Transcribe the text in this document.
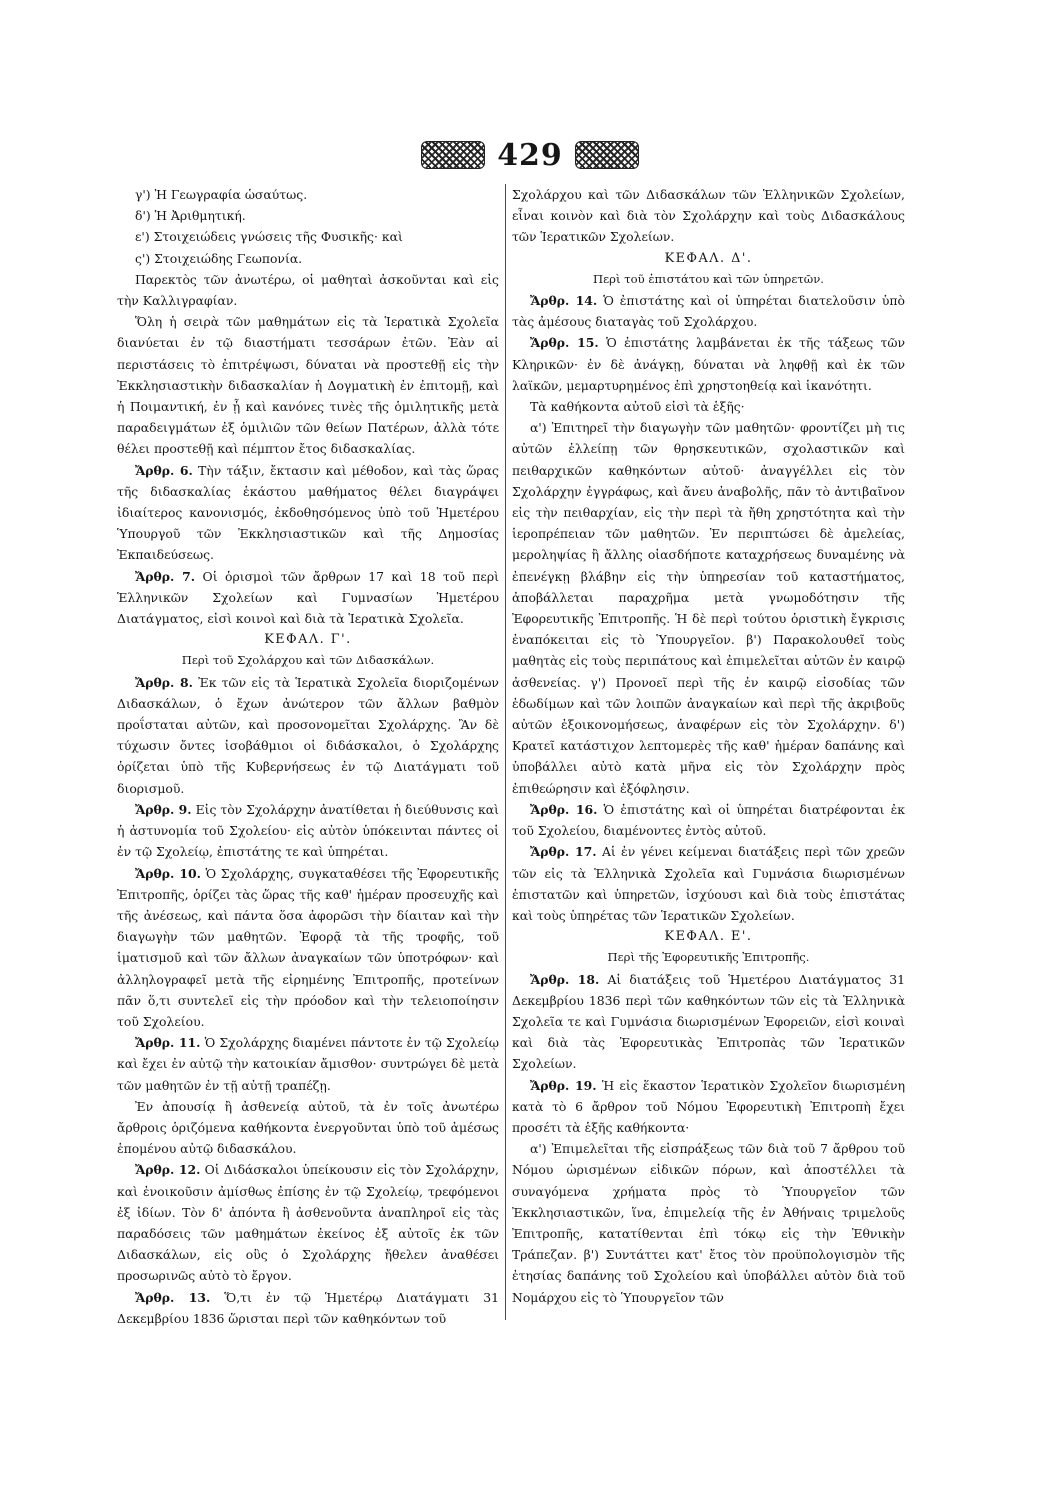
429

γ') Ἡ Γεωγραφία ὡσαύτως.

δ') Ἡ Ἀριθμητική.

ε') Στοιχειώδεις γνώσεις τῆς Φυσικῆς· καὶ

ς') Στοιχειώδης Γεωπονία.

Παρεκτὸς τῶν ἀνωτέρω, οἱ μαθηταὶ ἀσκοῦνται καὶ εἰς τὴν Καλλιγραφίαν.

Ὅλη ἡ σειρὰ τῶν μαθημάτων εἰς τὰ Ἱερατικὰ Σχολεῖα διανύεται ἐν τῷ διαστήματι τεσσάρων ἐτῶν. Ἐὰν αἱ περιστάσεις τὸ ἐπιτρέψωσι, δύναται νὰ προστεθῇ εἰς τὴν Ἐκκλησιαστικὴν διδασκαλίαν ἡ Δογματικὴ ἐν ἐπιτομῇ, καὶ ἡ Ποιμαντική, ἐν ᾗ καὶ κανόνες τινὲς τῆς ὁμιλητικῆς μετὰ παραδειγμάτων ἐξ ὁμιλιῶν τῶν θείων Πατέρων, ἀλλὰ τότε θέλει προστεθῇ καὶ πέμπτον ἔτος διδασκαλίας.

Ἄρθρ. 6. Τὴν τάξιν, ἔκτασιν καὶ μέθοδον, καὶ τὰς ὥρας τῆς διδασκαλίας ἑκάστου μαθήματος θέλει διαγράψει ἰδιαίτερος κανονισμός, ἐκδοθησόμενος ὑπὸ τοῦ Ἡμετέρου Ὑπουργοῦ τῶν Ἐκκλησιαστικῶν καὶ τῆς Δημοσίας Ἐκπαιδεύσεως.

Ἄρθρ. 7. Οἱ ὁρισμοὶ τῶν ἄρθρων 17 καὶ 18 τοῦ περὶ Ἑλληνικῶν Σχολείων καὶ Γυμνασίων Ἡμετέρου Διατάγματος, εἰσὶ κοινοὶ καὶ διὰ τὰ Ἱερατικὰ Σχολεῖα.

ΚΕΦΑΛ. Γ'.

Περὶ τοῦ Σχολάρχου καὶ τῶν Διδασκάλων.

Ἄρθρ. 8. Ἐκ τῶν εἰς τὰ Ἱερατικὰ Σχολεῖα διοριζομένων Διδασκάλων, ὁ ἔχων ἀνώτερον τῶν ἄλλων βαθμὸν προΐσταται αὐτῶν, καὶ προσονομεῖται Σχολάρχης. Ἂν δὲ τύχωσιν ὄντες ἰσοβάθμιοι οἱ διδάσκαλοι, ὁ Σχολάρχης ὁρίζεται ὑπὸ τῆς Κυβερνήσεως ἐν τῷ Διατάγματι τοῦ διορισμοῦ.

Ἄρθρ. 9. Εἰς τὸν Σχολάρχην ἀνατίθεται ἡ διεύθυνσις καὶ ἡ ἀστυνομία τοῦ Σχολείου· εἰς αὐτὸν ὑπόκεινται πάντες οἱ ἐν τῷ Σχολείῳ, ἐπιστάτης τε καὶ ὑπηρέται.

Ἄρθρ. 10. Ὁ Σχολάρχης, συγκαταθέσει τῆς Ἐφορευτικῆς Ἐπιτροπῆς, ὁρίζει τὰς ὥρας τῆς καθ' ἡμέραν προσευχῆς καὶ τῆς ἀνέσεως, καὶ πάντα ὅσα ἀφορῶσι τὴν δίαιταν καὶ τὴν διαγωγὴν τῶν μαθητῶν. Ἐφορᾷ τὰ τῆς τροφῆς, τοῦ ἱματισμοῦ καὶ τῶν ἄλλων ἀναγκαίων τῶν ὑποτρόφων· καὶ ἀλληλογραφεῖ μετὰ τῆς εἰρημένης Ἐπιτροπῆς, προτείνων πᾶν ὅ,τι συντελεῖ εἰς τὴν πρόοδον καὶ τὴν τελειοποίησιν τοῦ Σχολείου.

Ἄρθρ. 11. Ὁ Σχολάρχης διαμένει πάντοτε ἐν τῷ Σχολείῳ καὶ ἔχει ἐν αὐτῷ τὴν κατοικίαν ἄμισθον· συντρώγει δὲ μετὰ τῶν μαθητῶν ἐν τῇ αὐτῇ τραπέζῃ.

Ἐν ἀπουσίᾳ ἢ ἀσθενείᾳ αὐτοῦ, τὰ ἐν τοῖς ἀνωτέρω ἄρθροις ὁριζόμενα καθήκοντα ἐνεργοῦνται ὑπὸ τοῦ ἀμέσως ἑπομένου αὐτῷ διδασκάλου.

Ἄρθρ. 12. Οἱ Διδάσκαλοι ὑπείκουσιν εἰς τὸν Σχολάρχην, καὶ ἐνοικοῦσιν ἀμίσθως ἐπίσης ἐν τῷ Σχολείῳ, τρεφόμενοι ἐξ ἰδίων. Τὸν δ' ἀπόντα ἢ ἀσθενοῦντα ἀναπληροῖ εἰς τὰς παραδόσεις τῶν μαθημάτων ἐκείνος ἐξ αὐτοῖς ἐκ τῶν Διδασκάλων, εἰς οὓς ὁ Σχολάρχης ἤθελεν ἀναθέσει προσωρινῶς αὐτὸ τὸ ἔργον.

Ἄρθρ. 13. Ὅ,τι ἐν τῷ Ἡμετέρῳ Διατάγματι 31 Δεκεμβρίου 1836 ὥρισται περὶ τῶν καθηκόντων τοῦ

Σχολάρχου καὶ τῶν Διδασκάλων τῶν Ἑλληνικῶν Σχολείων, εἶναι κοινὸν καὶ διὰ τὸν Σχολάρχην καὶ τοὺς Διδασκάλους τῶν Ἱερατικῶν Σχολείων.

ΚΕΦΑΛ. Δ'.

Περὶ τοῦ ἐπιστάτου καὶ τῶν ὑπηρετῶν.

Ἄρθρ. 14. Ὁ ἐπιστάτης καὶ οἱ ὑπηρέται διατελοῦσιν ὑπὸ τὰς ἀμέσους διαταγὰς τοῦ Σχολάρχου.

Ἄρθρ. 15. Ὁ ἐπιστάτης λαμβάνεται ἐκ τῆς τάξεως τῶν Κληρικῶν· ἐν δὲ ἀνάγκῃ, δύναται νὰ ληφθῇ καὶ ἐκ τῶν λαϊκῶν, μεμαρτυρημένος ἐπὶ χρηστοηθείᾳ καὶ ἱκανότητι.

Τὰ καθήκοντα αὐτοῦ εἰσὶ τὰ ἑξῆς·

α') Ἐπιτηρεῖ τὴν διαγωγὴν τῶν μαθητῶν· φροντίζει μὴ τις αὐτῶν ἐλλείπῃ τῶν θρησκευτικῶν, σχολαστικῶν καὶ πειθαρχικῶν καθηκόντων αὐτοῦ· ἀναγγέλλει εἰς τὸν Σχολάρχην ἐγγράφως, καὶ ἄνευ ἀναβολῆς, πᾶν τὸ ἀντιβαῖνον εἰς τὴν πειθαρχίαν, εἰς τὴν περὶ τὰ ἤθη χρηστότητα καὶ τὴν ἱεροπρέπειαν τῶν μαθητῶν. Ἐν περιπτώσει δὲ ἀμελείας, μεροληψίας ἢ ἄλλης οἱασδήποτε καταχρήσεως δυναμένης νὰ ἐπενέγκῃ βλάβην εἰς τὴν ὑπηρεσίαν τοῦ καταστήματος, ἀποβάλλεται παραχρῆμα μετὰ γνωμοδότησιν τῆς Ἐφορευτικῆς Ἐπιτροπῆς. Ἡ δὲ περὶ τούτου ὁριστικὴ ἔγκρισις ἐναπόκειται εἰς τὸ Ὑπουργεῖον. β') Παρακολουθεῖ τοὺς μαθητὰς εἰς τοὺς περιπάτους καὶ ἐπιμελεῖται αὐτῶν ἐν καιρῷ ἀσθενείας. γ') Προνοεῖ περὶ τῆς ἐν καιρῷ εἰσοδίας τῶν ἐδωδίμων καὶ τῶν λοιπῶν ἀναγκαίων καὶ περὶ τῆς ἀκριβοῦς αὐτῶν ἐξοικονομήσεως, ἀναφέρων εἰς τὸν Σχολάρχην. δ') Κρατεῖ κατάστιχον λεπτομερὲς τῆς καθ' ἡμέραν δαπάνης καὶ ὑποβάλλει αὐτὸ κατὰ μῆνα εἰς τὸν Σχολάρχην πρὸς ἐπιθεώρησιν καὶ ἐξόφλησιν.

Ἄρθρ. 16. Ὁ ἐπιστάτης καὶ οἱ ὑπηρέται διατρέφονται ἐκ τοῦ Σχολείου, διαμένοντες ἐντὸς αὐτοῦ.

Ἄρθρ. 17. Αἱ ἐν γένει κείμεναι διατάξεις περὶ τῶν χρεῶν τῶν εἰς τὰ Ἑλληνικὰ Σχολεῖα καὶ Γυμνάσια διωρισμένων ἐπιστατῶν καὶ ὑπηρετῶν, ἰσχύουσι καὶ διὰ τοὺς ἐπιστάτας καὶ τοὺς ὑπηρέτας τῶν Ἱερατικῶν Σχολείων.

ΚΕΦΑΛ. Ε'.

Περὶ τῆς Ἐφορευτικῆς Ἐπιτροπῆς.

Ἄρθρ. 18. Αἱ διατάξεις τοῦ Ἡμετέρου Διατάγματος 31 Δεκεμβρίου 1836 περὶ τῶν καθηκόντων τῶν εἰς τὰ Ἑλληνικὰ Σχολεῖα τε καὶ Γυμνάσια διωρισμένων Ἐφορειῶν, εἰσὶ κοιναὶ καὶ διὰ τὰς Ἐφορευτικὰς Ἐπιτροπὰς τῶν Ἱερατικῶν Σχολείων.

Ἄρθρ. 19. Ἡ εἰς ἕκαστον Ἱερατικὸν Σχολεῖον διωρισμένη κατὰ τὸ 6 ἄρθρον τοῦ Νόμου Ἐφορευτικὴ Ἐπιτροπὴ ἔχει προσέτι τὰ ἑξῆς καθήκοντα·

α') Ἐπιμελεῖται τῆς εἰσπράξεως τῶν διὰ τοῦ 7 ἄρθρου τοῦ Νόμου ὡρισμένων εἰδικῶν πόρων, καὶ ἀποστέλλει τὰ συναγόμενα χρήματα πρὸς τὸ Ὑπουργεῖον τῶν Ἐκκλησιαστικῶν, ἵνα, ἐπιμελείᾳ τῆς ἐν Ἀθήναις τριμελοῦς Ἐπιτροπῆς, κατατίθενται ἐπὶ τόκῳ εἰς τὴν Ἐθνικὴν Τράπεζαν. β') Συντάττει κατ' ἔτος τὸν προϋπολογισμὸν τῆς ἐτησίας δαπάνης τοῦ Σχολείου καὶ ὑποβάλλει αὐτὸν διὰ τοῦ Νομάρχου εἰς τὸ Ὑπουργεῖον τῶν
